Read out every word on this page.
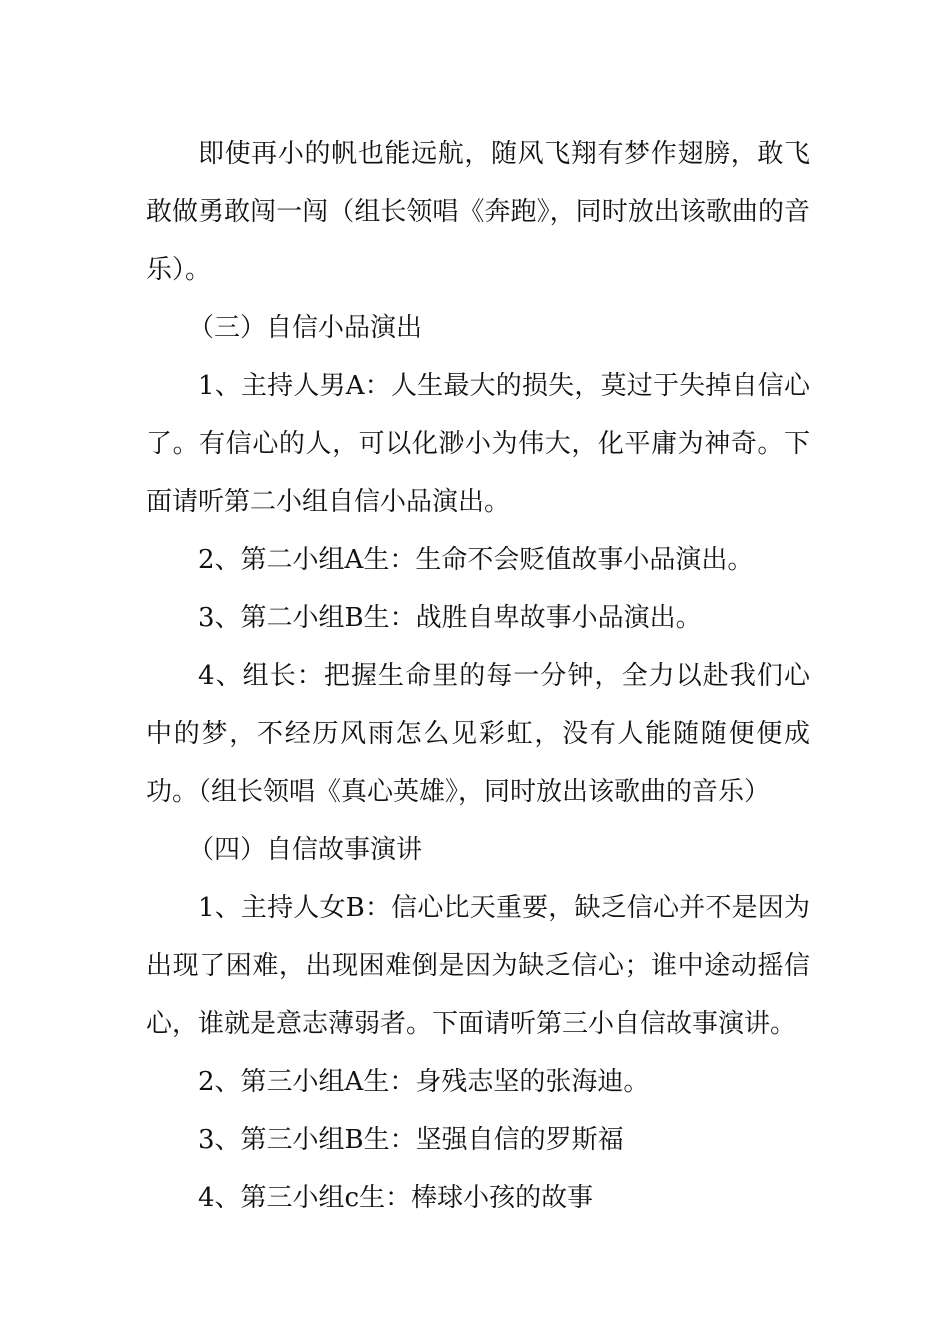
即使再小的帆也能远航，随风飞翔有梦作翅膀，敢飞敢做勇敢闯一闯（组长领唱《奔跑》，同时放出该歌曲的音乐）。

（三）自信小品演出

1、主持人男A：人生最大的损失，莫过于失掉自信心了。有信心的人，可以化渺小为伟大，化平庸为神奇。下面请听第二小组自信小品演出。

2、第二小组A生：生命不会贬值故事小品演出。

3、第二小组B生：战胜自卑故事小品演出。

4、组长：把握生命里的每一分钟，全力以赴我们心中的梦，不经历风雨怎么见彩虹，没有人能随随便便成功。（组长领唱《真心英雄》，同时放出该歌曲的音乐）

（四）自信故事演讲

1、主持人女B：信心比天重要，缺乏信心并不是因为出现了困难，出现困难倒是因为缺乏信心；谁中途动摇信心，谁就是意志薄弱者。下面请听第三小自信故事演讲。

2、第三小组A生：身残志坚的张海迪。

3、第三小组B生：坚强自信的罗斯福

4、第三小组c生：棒球小孩的故事
